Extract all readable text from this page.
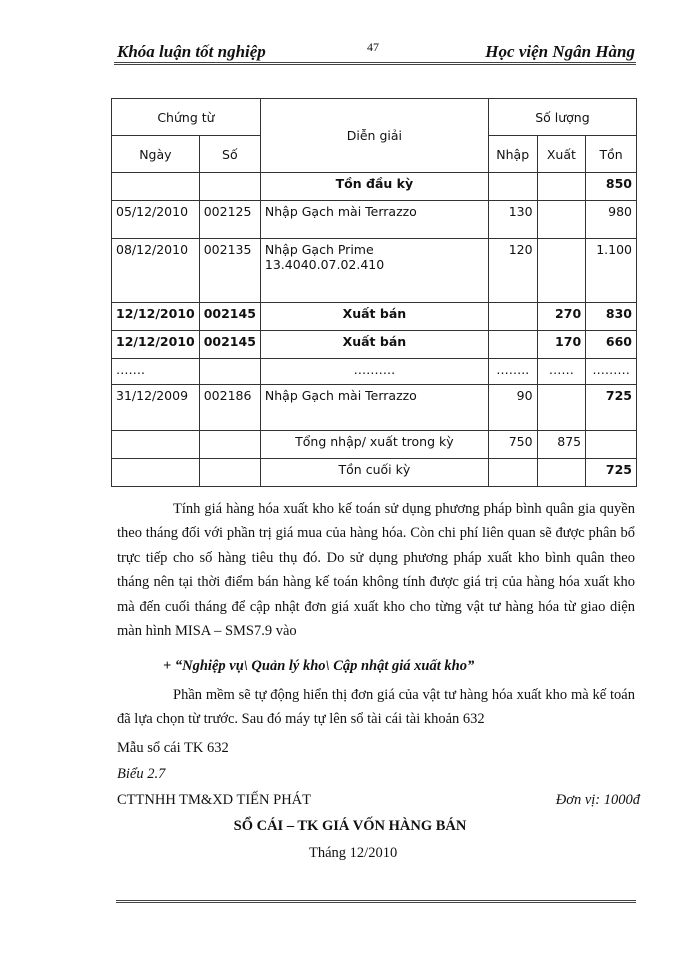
Khóa luận tốt nghiệp	47	Học viện Ngân Hàng
Chứng từ		Diễn giải	Số lượng		
Ngày	Số		Nhập	Xuất	Tồn
		Tồn đầu kỳ			850
05/12/2010	002125	Nhập Gạch mài Terrazzo	130		980
08/12/2010	002135	Nhập Gạch Prime 13.4040.07.02.410	120		1.100
12/12/2010	002145	Xuất bán		270	830
12/12/2010	002145	Xuất bán		170	660
…….		……….	……..	……	………
31/12/2009	002186	Nhập Gạch mài Terrazzo	90		725
		Tổng nhập/ xuất trong kỳ	750	875	
		Tồn cuối kỳ			725
Tính giá hàng hóa xuất kho kế toán sử dụng phương pháp bình quân gia quyền theo tháng đối với phần trị giá mua của hàng hóa. Còn chi phí liên quan sẽ được phân bổ trực tiếp cho số hàng tiêu thụ đó. Do sử dụng phương pháp xuất kho bình quân theo tháng nên tại thời điểm bán hàng kế toán không tính được giá trị của hàng hóa xuất kho mà đến cuối tháng để cập nhật đơn giá xuất kho cho từng vật tư hàng hóa từ giao diện màn hình MISA – SMS7.9 vào
+ “Nghiệp vụ\ Quản lý kho\ Cập nhật giá xuất kho”
Phần mềm sẽ tự động hiển thị đơn giá của vật tư hàng hóa xuất kho mà kế toán đã lựa chọn từ trước. Sau đó máy tự lên sổ tài cái tài khoản 632
Mẫu sổ cái TK 632
Biểu 2.7
CTTNHH TM&XD TIẾN PHÁT	Đơn vị: 1000đ
SỔ CÁI – TK GIÁ VỐN HÀNG BÁN
Tháng 12/2010
